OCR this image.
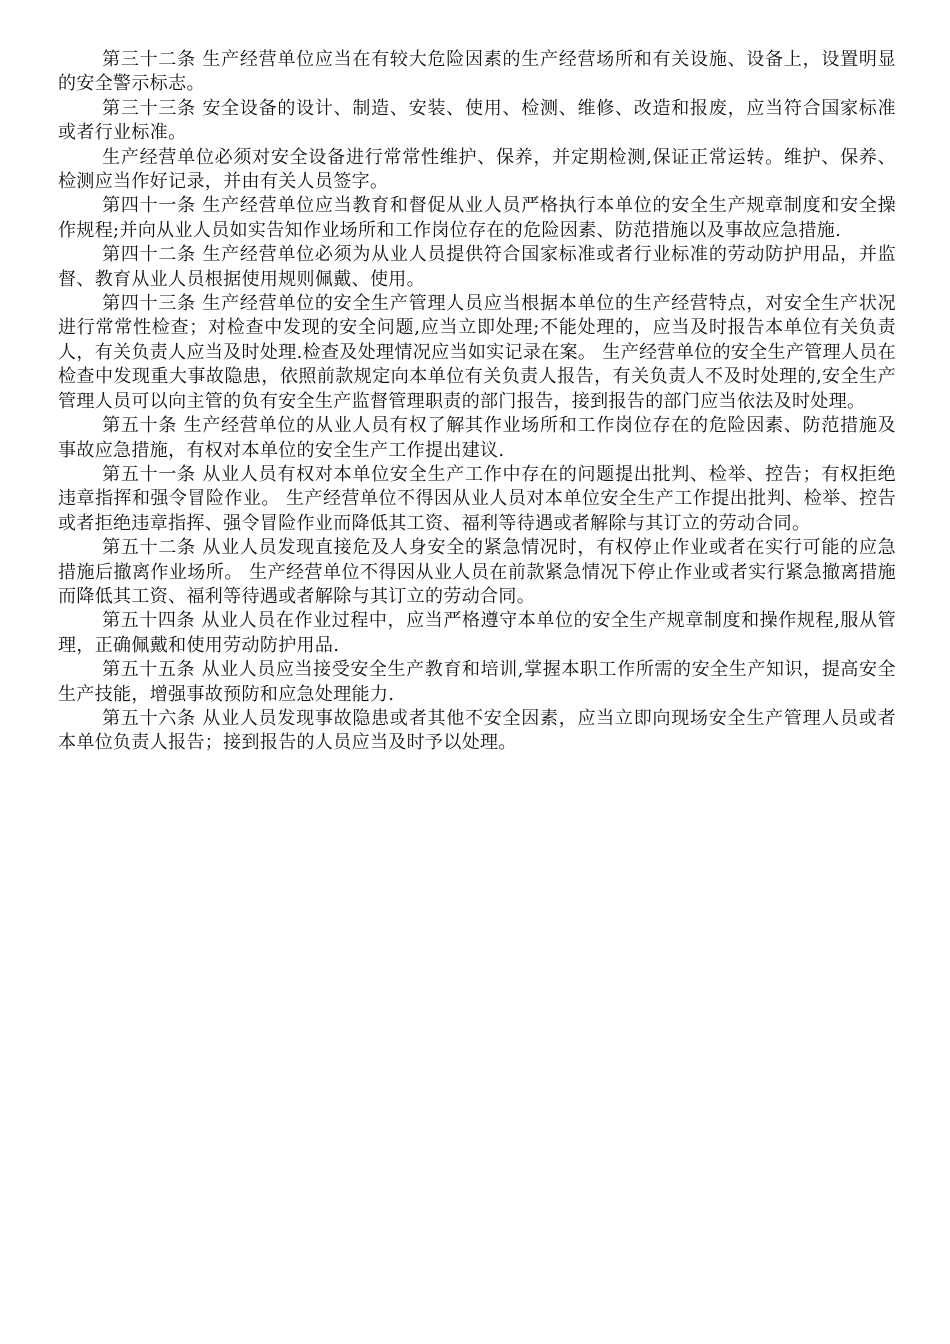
第三十二条 生产经营单位应当在有较大危险因素的生产经营场所和有关设施、设备上，设置明显的安全警示标志。

第三十三条 安全设备的设计、制造、安装、使用、检测、维修、改造和报废，应当符合国家标准或者行业标准。

生产经营单位必须对安全设备进行常常性维护、保养，并定期检测,保证正常运转。维护、保养、检测应当作好记录，并由有关人员签字。

第四十一条 生产经营单位应当教育和督促从业人员严格执行本单位的安全生产规章制度和安全操作规程;并向从业人员如实告知作业场所和工作岗位存在的危险因素、防范措施以及事故应急措施.

第四十二条 生产经营单位必须为从业人员提供符合国家标准或者行业标准的劳动防护用品，并监督、教育从业人员根据使用规则佩戴、使用。

第四十三条 生产经营单位的安全生产管理人员应当根据本单位的生产经营特点，对安全生产状况进行常常性检查；对检查中发现的安全问题,应当立即处理;不能处理的，应当及时报告本单位有关负责人，有关负责人应当及时处理.检查及处理情况应当如实记录在案。 生产经营单位的安全生产管理人员在检查中发现重大事故隐患，依照前款规定向本单位有关负责人报告，有关负责人不及时处理的,安全生产管理人员可以向主管的负有安全生产监督管理职责的部门报告，接到报告的部门应当依法及时处理。

第五十条 生产经营单位的从业人员有权了解其作业场所和工作岗位存在的危险因素、防范措施及事故应急措施，有权对本单位的安全生产工作提出建议.

第五十一条 从业人员有权对本单位安全生产工作中存在的问题提出批判、检举、控告；有权拒绝违章指挥和强令冒险作业。 生产经营单位不得因从业人员对本单位安全生产工作提出批判、检举、控告或者拒绝违章指挥、强令冒险作业而降低其工资、福利等待遇或者解除与其订立的劳动合同。

第五十二条 从业人员发现直接危及人身安全的紧急情况时，有权停止作业或者在实行可能的应急措施后撤离作业场所。 生产经营单位不得因从业人员在前款紧急情况下停止作业或者实行紧急撤离措施而降低其工资、福利等待遇或者解除与其订立的劳动合同。

第五十四条 从业人员在作业过程中，应当严格遵守本单位的安全生产规章制度和操作规程,服从管理，正确佩戴和使用劳动防护用品.

第五十五条 从业人员应当接受安全生产教育和培训,掌握本职工作所需的安全生产知识，提高安全生产技能，增强事故预防和应急处理能力.

第五十六条 从业人员发现事故隐患或者其他不安全因素，应当立即向现场安全生产管理人员或者本单位负责人报告；接到报告的人员应当及时予以处理。
